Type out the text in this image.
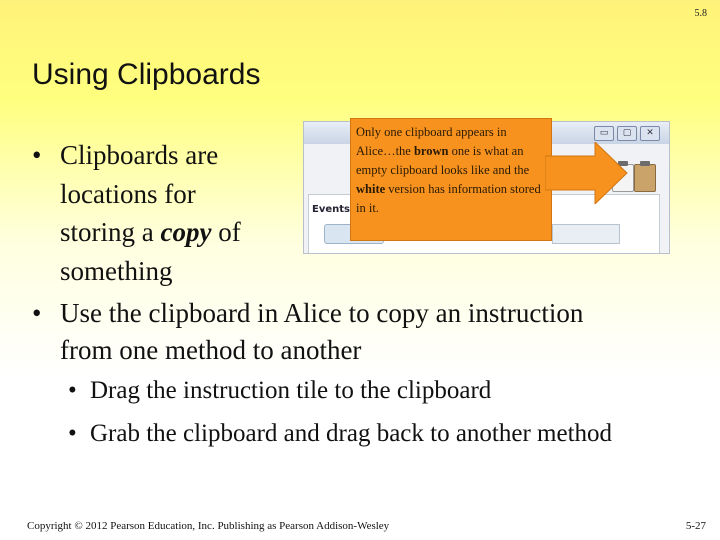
5.8
Using Clipboards
▭	▢	✕
Events
Only one clipboard appears in Alice…the brown one is what an empty clipboard looks like and the white version has information stored in it.
• Clipboards are locations for storing a copy of something
• Use the clipboard in Alice to copy an instruction from one method to another
• Drag the instruction tile to the clipboard
• Grab the clipboard and drag back to another method
Copyright © 2012 Pearson Education, Inc. Publishing as Pearson Addison-Wesley	5-27
